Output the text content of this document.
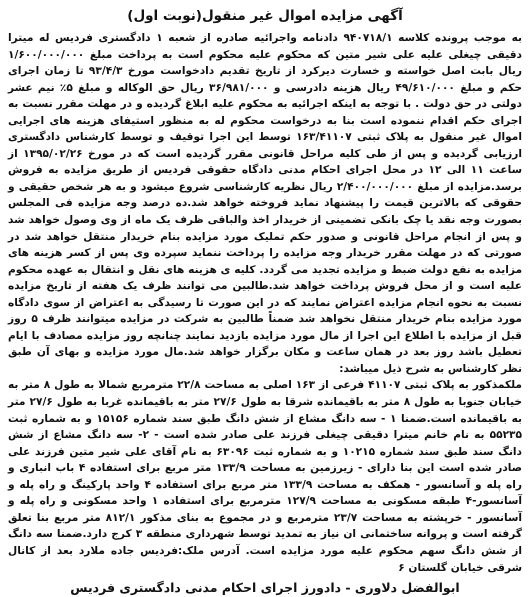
آگهی مزایده اموال غیر منقول(نوبت اول)

به موجب پرونده کلاسه ۹۴۰۷۱۸/۱ دادنامه واجرائیه صادره از شعبه ۱ دادگستری فردیس له میترا دقیقی چیغلی علیه علی شیر متین که محکوم علیه محکوم است به پرداخت مبلغ ۱/۶۰۰/۰۰۰/۰۰۰ ریال بابت اصل خواسته و خسارت دیرکرد از تاریخ تقدیم دادخواست مورخ ۹۳/۴/۳ تا زمان اجرای حکم و مبلغ ۴۹/۶۱۰/۰۰۰ ریال هزینه دادرسی و ۳۶/۹۸۱/۰۰۰ ریال حق الوکاله و مبلغ ۵٪ نیم عشر دولتی در حق دولت . با توجه به اینکه اجرائیه به محکوم علیه ابلاغ گردیده و در مهلت مقرر نسبت به اجرای حکم اقدام ننموده است بنا به درخواست محکوم له به منظور استیفای هزینه های اجرایی اموال غیر منقول به پلاک ثبتی ۱۶۳/۴۱۱۰۷ توسط این اجرا توقیف و توسط کارشناس دادگستری ارزیابی گردیده و پس از طی کلیه مراحل قانونی مقرر گردیده است که در مورخ ۱۳۹۵/۰۲/۲۶ از ساعت ۱۱ الی ۱۲ در محل اجرای احکام مدنی دادگاه حقوقی فردیس از طریق مزایده به فروش برسد.مزایده از مبلغ ۲/۴۰۰/۰۰۰/۰۰۰ ریال نظریه کارشناسی شروع میشود و به هر شخص حقیقی و حقوقی که بالاترین قیمت را پیشنهاد نماید فروخته خواهد شد.ده درصد وجه مزایده فی المجلس بصورت وجه نقد یا چک بانکی تضمینی از خریدار اخذ والباقی ظرف یک ماه از وی وصول خواهد شد و پس از انجام مراحل قانونی و صدور حکم تملیک مورد مزایده بنام خریدار منتقل خواهد شد در صورتی که در مهلت مقرر خریدار وجه مزایده را پرداخت ننماید سپرده وی پس از کسر هزینه های مزایده به نفع دولت ضبط و مزایده تجدید می گردد. کلیه ی هزینه های نقل و انتقال به عهده محکوم علیه است و از محل فروش پرداخت خواهد شد.طالبین می توانند ظرف یک هفته از تاریخ مزایده نسبت به نحوه انجام مزایده اعتراض نمایند که در این صورت تا رسیدگی به اعتراض از سوی دادگاه مورد مزایده بنام خریدار منتقل نخواهد شد ضمناً طالبین به شرکت در مزایده میتوانند ظرف ۵ روز قبل از مزایده با اطلاع این اجرا از مال مورد مزایده بازدید نمایند چنانچه روز مزایده مصادف با ایام تعطیل باشد روز بعد در همان ساعت و مکان برگزار خواهد شد.مال مورد مزایده و بهای آن طبق نظر کارشناس به شرح ذیل میباشد:

ملکمذکور به پلاک ثبتی ۴۱۱۰۷ فرعی از ۱۶۳ اصلی به مساحت ۲۲/۸ مترمربع شمالا به طول ۸ متر به خیابان جنوبا به طول ۸ متر به باقیمانده شرقا به طول ۲۷/۶ متر به باقیمانده غربا به طول ۲۷/۶ متر به باقیمانده است.ضمنا ۱ - سه دانگ مشاع از شش دانگ طبق سند شماره ۱۵۱۵۶ و به شماره ثبت ۵۵۲۳۵ به نام خانم میترا دقیقی چیغلی فرزند علی صادر شده است - ۲- سه دانگ مشاع از شش دانگ سند طبق سند شماره ۱۰۲۱۵ و به شماره ثبت ۶۳۰۹۶ به نام آقای علی شیر متین فرزند علی صادر شده است این بنا دارای - زیرزمین به مساحت ۱۳۳/۹ متر مربع برای استفاده ۴ باب انباری و راه پله و آسانسور - همکف به مساحت ۱۳۳/۹ متر مربع برای استفاده ۴ واحد پارکینگ و راه پله و آسانسور-۴ طبقه مسکونی به مساحت ۱۲۷/۹ مترمربع برای استفاده ۱ واحد مسکونی و راه پله و آسانسور - خرپشته به مساحت ۲۳/۷ مترمربع و در مجموع به بنای مذکور ۸۱۲/۱ متر مربع بنا تعلق گرفته است و پروانه ساختمانی ان نیاز به تمدید توسط شهرداری منطقه ۳ کرج دارد.ضمنا سه دانگ از شش دانگ سهم محکوم علیه مورد مزایده است. آدرس ملک:فردیس جاده ملارد بعد از کانال شرقی خیابان گلستان ۶

ابوالفضل دلاوری - دادورز اجرای احکام مدنی دادگستری فردیس
